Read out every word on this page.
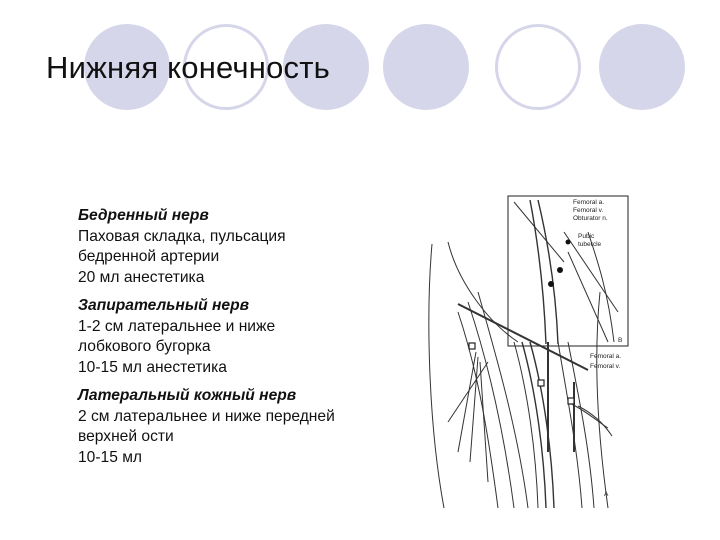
Нижняя конечность
Бедренный нерв
Паховая складка, пульсация
бедренной артерии
20 мл анестетика
Запирательный нерв
1-2 см латеральнее и ниже
лобкового бугорка
10-15 мл анестетика
Латеральный кожный нерв
2 см латеральнее и ниже передней
верхней ости
10-15 мл
Femoral a.
Femoral v.
Obturator n.
Pubic
tubercle
Femoral a.
Femoral v.
B
A
